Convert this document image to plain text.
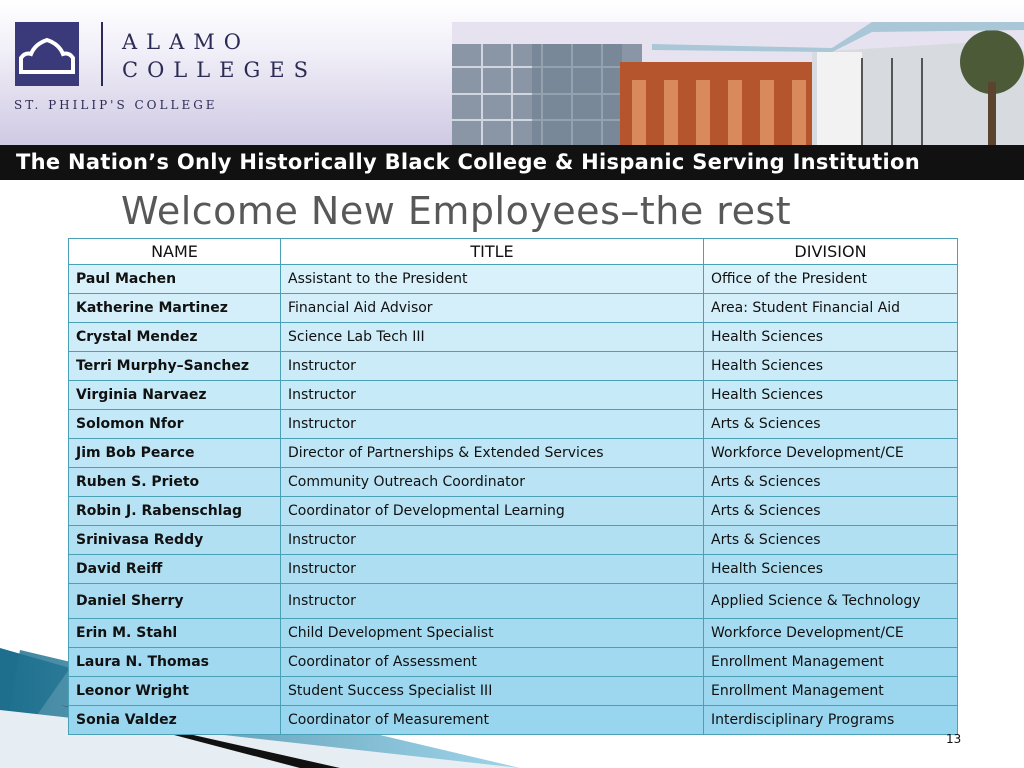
ALAMO
COLLEGES
ST. PHILIP'S COLLEGE
The Nation’s Only Historically Black College & Hispanic Serving Institution
Welcome New Employees–the rest
NAME	TITLE	DIVISION
Paul Machen	Assistant to the President	Office of the President
Katherine Martinez	Financial Aid Advisor	Area: Student Financial Aid
Crystal Mendez	Science Lab Tech III	Health Sciences
Terri Murphy–Sanchez	Instructor	Health Sciences
Virginia Narvaez	Instructor	Health Sciences
Solomon Nfor	Instructor	Arts & Sciences
Jim Bob Pearce	Director of Partnerships & Extended Services	Workforce Development/CE
Ruben S. Prieto	Community Outreach Coordinator	Arts & Sciences
Robin J. Rabenschlag	Coordinator of Developmental Learning	Arts & Sciences
Srinivasa Reddy	Instructor	Arts & Sciences
David Reiff	Instructor	Health Sciences
Daniel Sherry	Instructor	Applied Science & Technology
Erin M. Stahl	Child Development Specialist	Workforce Development/CE
Laura N. Thomas	Coordinator of Assessment	Enrollment Management
Leonor Wright	Student Success Specialist III	Enrollment Management
Sonia Valdez	Coordinator of Measurement	Interdisciplinary Programs
13
